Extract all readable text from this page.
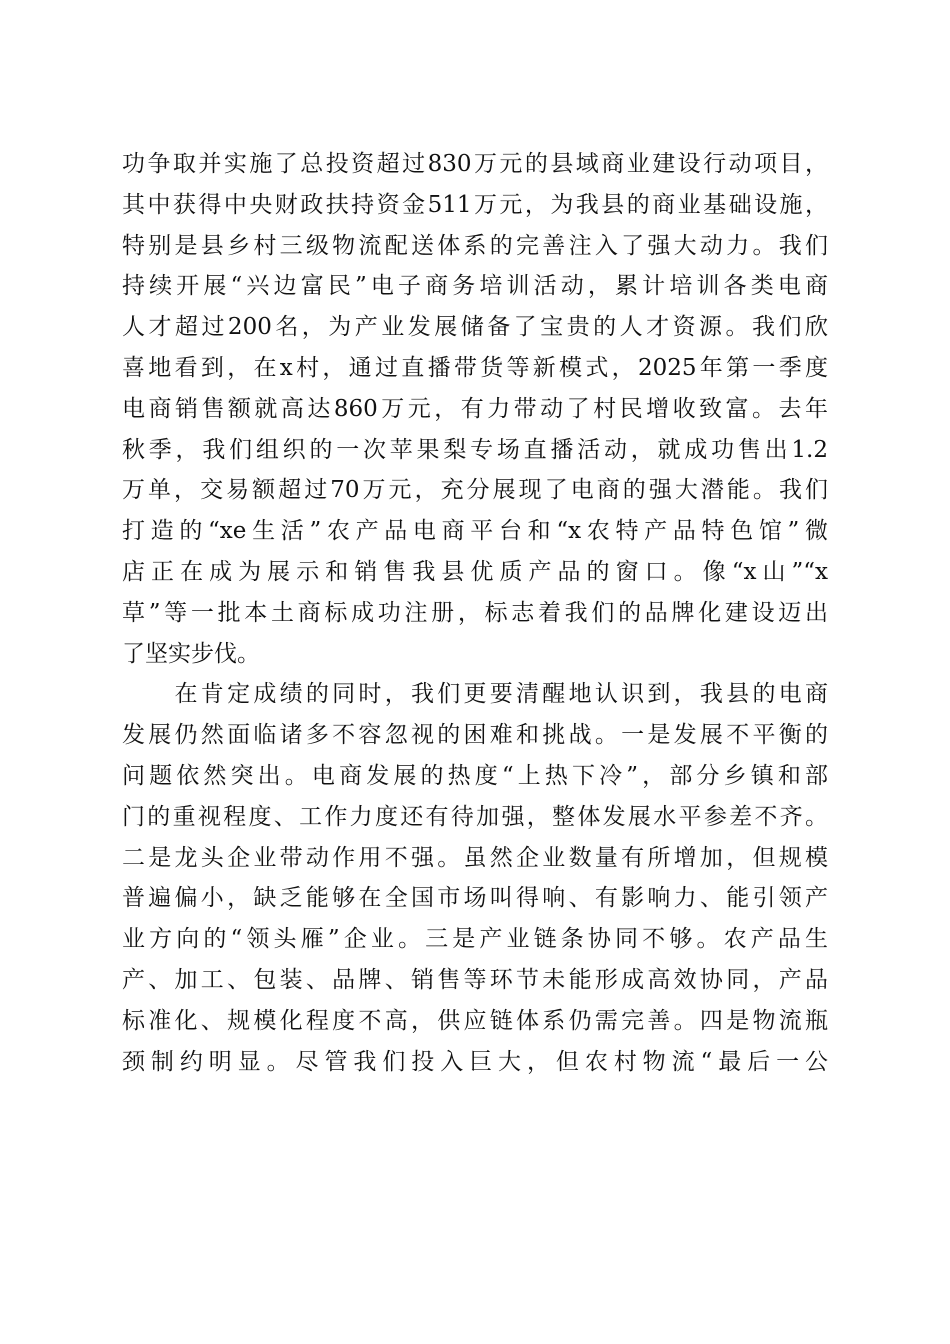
功争取并实施了总投资超过830万元的县域商业建设行动项目，
其中获得中央财政扶持资金511万元，为我县的商业基础设施，
特别是县乡村三级物流配送体系的完善注入了强大动力。我们
持续开展“兴边富民”电子商务培训活动，累计培训各类电商
人才超过200名，为产业发展储备了宝贵的人才资源。我们欣
喜地看到，在x村，通过直播带货等新模式，2025年第一季度
电商销售额就高达860万元，有力带动了村民增收致富。去年
秋季，我们组织的一次苹果梨专场直播活动，就成功售出1.2
万单，交易额超过70万元，充分展现了电商的强大潜能。我们
打造的“xe生活”农产品电商平台和“x农特产品特色馆”微
店正在成为展示和销售我县优质产品的窗口。像“x山”“x
草”等一批本土商标成功注册，标志着我们的品牌化建设迈出
了坚实步伐。
　　在肯定成绩的同时，我们更要清醒地认识到，我县的电商
发展仍然面临诸多不容忽视的困难和挑战。一是发展不平衡的
问题依然突出。电商发展的热度“上热下冷”，部分乡镇和部
门的重视程度、工作力度还有待加强，整体发展水平参差不齐。
二是龙头企业带动作用不强。虽然企业数量有所增加，但规模
普遍偏小，缺乏能够在全国市场叫得响、有影响力、能引领产
业方向的“领头雁”企业。三是产业链条协同不够。农产品生
产、加工、包装、品牌、销售等环节未能形成高效协同，产品
标准化、规模化程度不高，供应链体系仍需完善。四是物流瓶
颈制约明显。尽管我们投入巨大，但农村物流“最后一公
